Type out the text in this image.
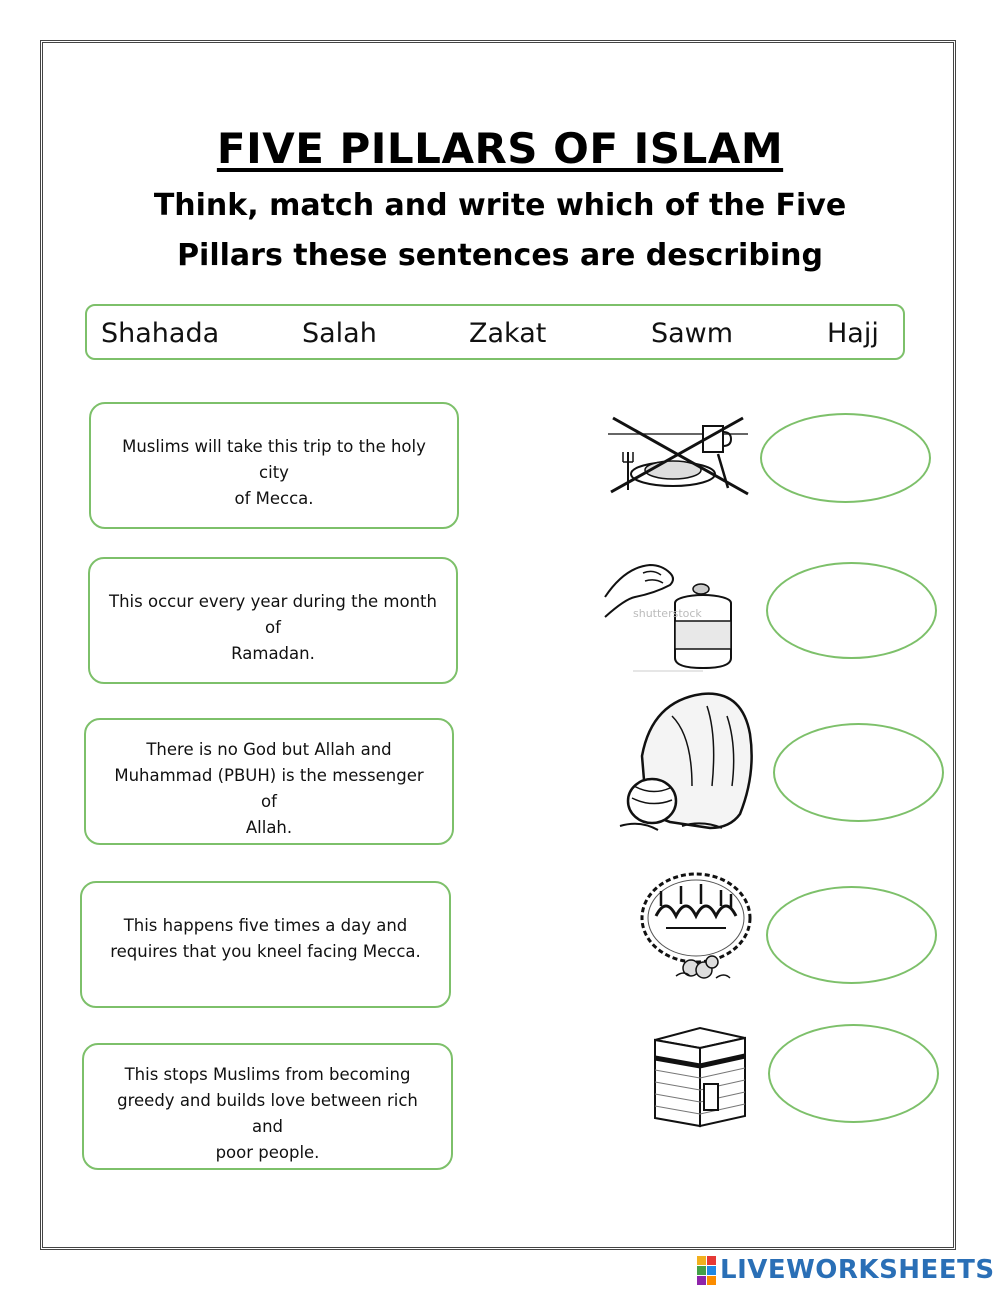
FIVE PILLARS OF ISLAM
Think, match and write which of the Five
Pillars these sentences are describing
Shahada	Salah	Zakat	Sawm	Hajj
Muslims will take this trip to the holy city
of Mecca.
This occur every year during the month of
Ramadan.
There is no God but Allah and
Muhammad (PBUH) is the messenger of
Allah.
This happens five times a day and
requires that you kneel facing Mecca.
This stops Muslims from becoming
greedy and builds love between rich and
poor people.
shutterstock
LIVEWORKSHEETS
